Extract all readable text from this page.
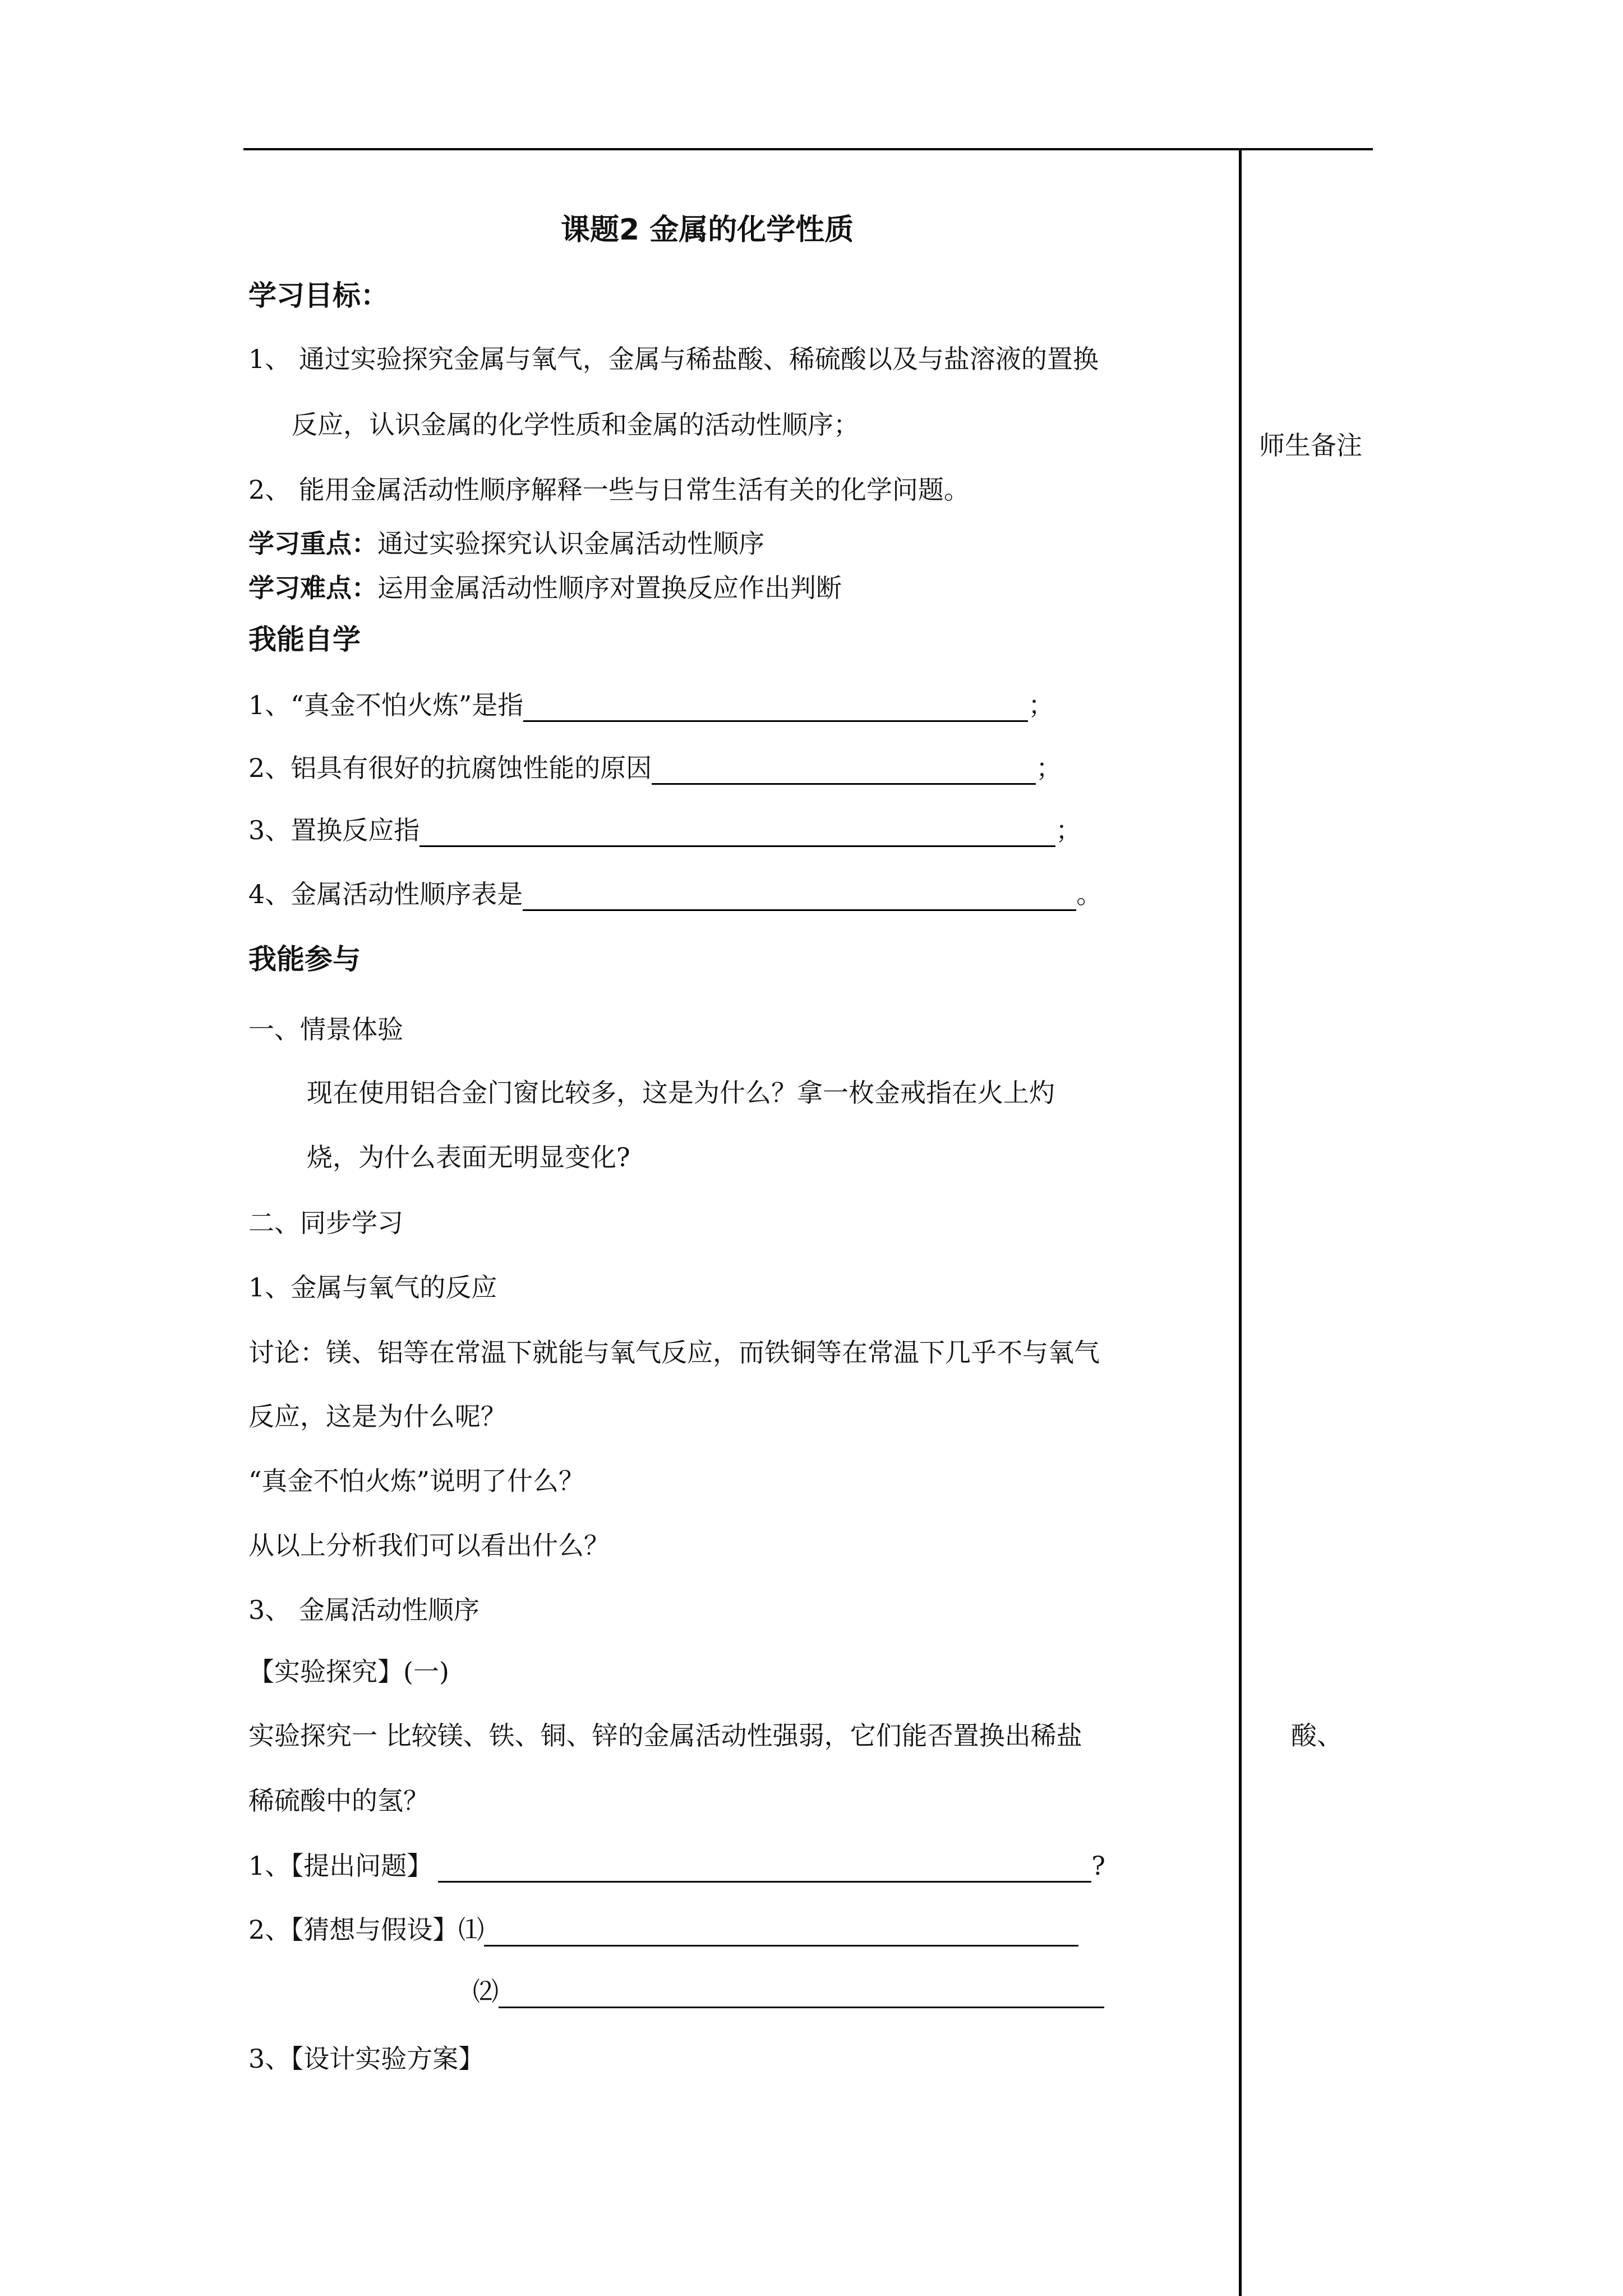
师生备注
酸、
课题2 金属的化学性质
学习目标：
1、 通过实验探究金属与氧气，金属与稀盐酸、稀硫酸以及与盐溶液的置换
反应，认识金属的化学性质和金属的活动性顺序；
2、 能用金属活动性顺序解释一些与日常生活有关的化学问题。
学习重点：通过实验探究认识金属活动性顺序
学习难点：运用金属活动性顺序对置换反应作出判断
我能自学
1、“真金不怕火炼”是指	；
2、铝具有很好的抗腐蚀性能的原因	；
3、置换反应指	；
4、金属活动性顺序表是	。
我能参与
一、情景体验
现在使用铝合金门窗比较多，这是为什么？拿一枚金戒指在火上灼
烧，为什么表面无明显变化?
二、同步学习
1、金属与氧气的反应
讨论：镁、铝等在常温下就能与氧气反应，而铁铜等在常温下几乎不与氧气
反应，这是为什么呢？
“真金不怕火炼”说明了什么？
从以上分析我们可以看出什么？
3、 金属活动性顺序
【实验探究】(一)
实验探究一 比较镁、铁、铜、锌的金属活动性强弱，它们能否置换出稀盐
稀硫酸中的氢？
1、【提出问题】	?
2、【猜想与假设】⑴
⑵
3、【设计实验方案】
